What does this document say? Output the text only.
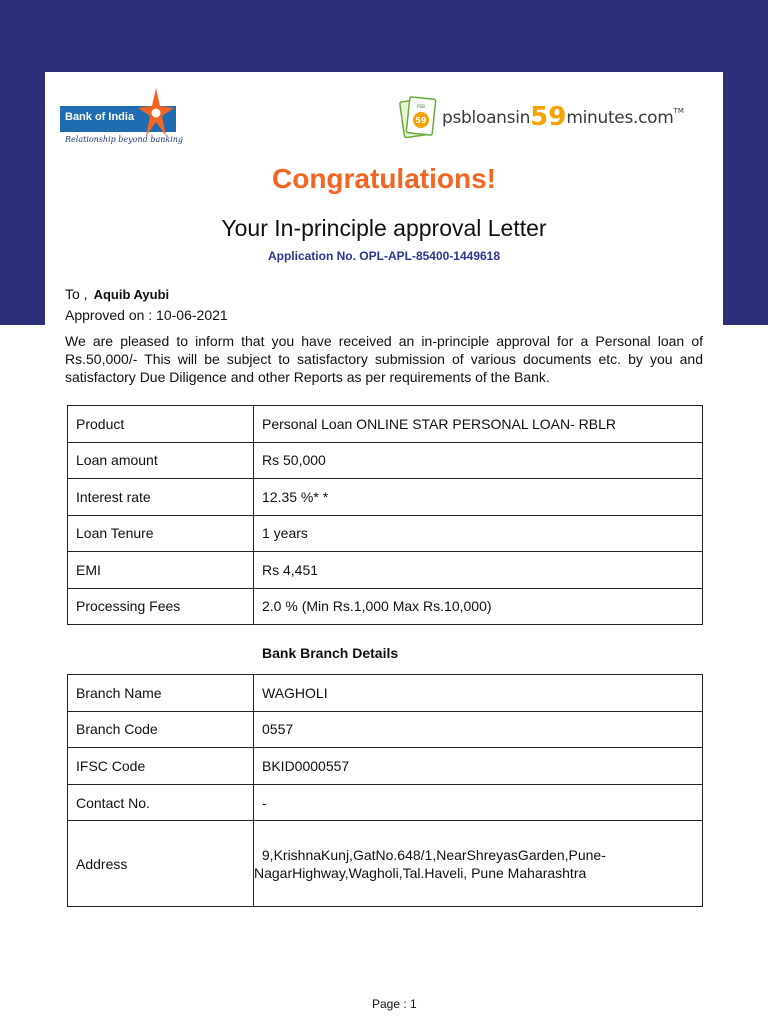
Bank of India
Relationship beyond banking
59
PSB
psbloansin59minutes.com™
Congratulations!
Your In-principle approval Letter
Application No. OPL-APL-85400-1449618
To , Aquib Ayubi
Approved on : 10-06-2021
We are pleased to inform that you have received an in-principle approval for a Personal loan of Rs.50,000/- This will be subject to satisfactory submission of various documents etc. by you and satisfactory Due Diligence and other Reports as per requirements of the Bank.
Product	Personal Loan ONLINE STAR PERSONAL LOAN- RBLR
Loan amount	Rs 50,000
Interest rate	12.35 %* *
Loan Tenure	1 years
EMI	Rs 4,451
Processing Fees	2.0 % (Min Rs.1,000 Max Rs.10,000)
Bank Branch Details
Branch Name	WAGHOLI
Branch Code	0557
IFSC Code	BKID0000557
Contact No.	-
Address	9,KrishnaKunj,GatNo.648/1,NearShreyasGarden,Pune-
NagarHighway,Wagholi,Tal.Haveli, Pune Maharashtra
Page : 1
